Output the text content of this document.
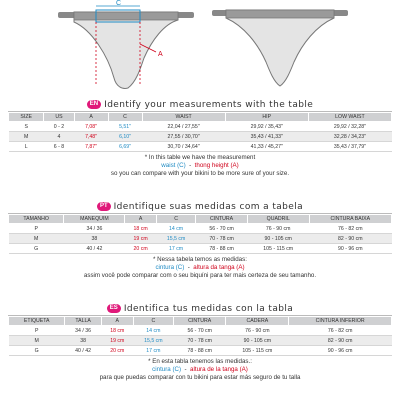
C
A
EN Identify your measurements with the table
SIZE	US	A	C	WAIST	HIP	LOW WAIST
S	0 - 2	7,08"	5,51"	22,04 / 27,55"	29,92 / 35,43"	29,92 / 32,28"
M	4	7,48"	6,10"	27,55 / 30,70"	35,43 / 41,33"	32,28 / 34,23"
L	6 - 8	7,87"	6,69"	30,70 / 34,64"	41,33 / 45,27"	35,43 / 37,79"
* In this table we have the measurement
waist (C) - thong height (A)
so you can compare with your bikini to be more sure of your size.
PT Identifique suas medidas com a tabela
TAMANHO	MANEQUIM	A	C	CINTURA	QUADRIL	CINTURA BAIXA
P	34 / 36	18 cm	14 cm	56 - 70 cm	76 - 90 cm	76 - 82 cm
M	38	19 cm	15,5 cm	70 - 78 cm	90 - 105 cm	82 - 90 cm
G	40 / 42	20 cm	17 cm	78 - 88 cm	105 - 115 cm	90 - 96 cm
* Nessa tabela temos as medidas:
cintura (C) - altura da tanga (A)
assim você pode comparar com o seu biquíni para ter mais certeza de seu tamanho.
ES Identifica tus medidas con la tabla
ETIQUETA	TALLA	A	C	CINTURA	CADERA	CINTURA INFERIOR
P	34 / 36	18 cm	14 cm	56 - 70 cm	76 - 90 cm	76 - 82 cm
M	38	19 cm	15,5 cm	70 - 78 cm	90 - 105 cm	82 - 90 cm
G	40 / 42	20 cm	17 cm	78 - 88 cm	105 - 115 cm	90 - 96 cm
* En esta tabla tenemos las medidas.:
cintura (C) - altura de la tanga (A)
para que puedas comparar con tu bikini para estar más seguro de tu talla
